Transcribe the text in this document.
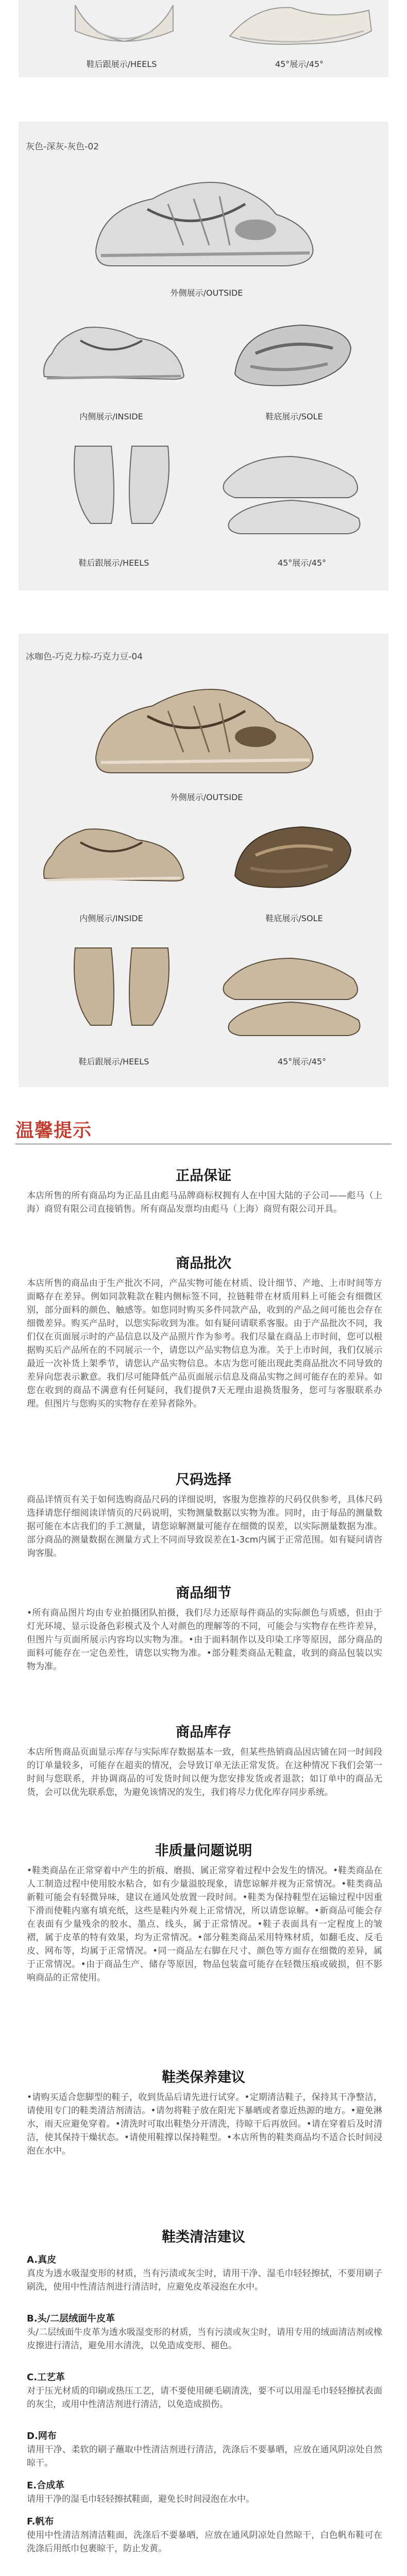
鞋后跟展示/HEELS	45°展示/45°
灰色-深灰-灰色-02
外侧展示/OUTSIDE
内侧展示/INSIDE	鞋底展示/SOLE
鞋后跟展示/HEELS	45°展示/45°
冰咖色-巧克力棕-巧克力豆-04
外侧展示/OUTSIDE
内侧展示/INSIDE	鞋底展示/SOLE
鞋后跟展示/HEELS	45°展示/45°
温馨提示
正品保证
本店所售的所有商品均为正品且由彪马品牌商标权拥有人在中国大陆的子公司——彪马（上海）商贸有限公司直接销售。所有商品发票均由彪马（上海）商贸有限公司开具。
商品批次
本店所售的商品由于生产批次不同，产品实物可能在材质、设计细节、产地、上市时间等方面略存在差异。例如同款鞋款在鞋内侧标签不同，拉链鞋带在材质用料上可能会有细微区别，部分面料的颜色、触感等。如您同时购买多件同款产品，收到的产品之间可能也会存在细微差异。购买产品时，以您实际收到为准。如有疑问请联系客服。由于产品批次不同，我们仅在页面展示时的产品信息以及产品照片作为参考。我们尽量在商品上市时间，您可以根据购买后产品所在的不同展示一个，请您以产品实物信息为准。关于上市时间，我们仅展示最近一次补货上架季节，请您认产品实物信息。本店为您可能出现此类商品批次不同导致的差异向您表示歉意。我们尽可能降低产品页面展示信息及商品实物之间可能存在的差异。如您在收到的商品不满意有任何疑问，我们提供7天无理由退换货服务，您可与客服联系办理。但图片与您购买的实物存在差异者除外。
尺码选择
商品详情页有关于如何选购商品尺码的详细说明，客服为您推荐的尺码仅供参考，具体尺码选择请您仔细阅读详情页的尺码说明，实物测量数据以实物为准。同时，由于每品的测量数据可能在本店我们的手工测量，请您谅解测量可能存在细微的误差，以实际测量数据为准。部分商品的测量数据在测量方式上不同而导致误差在1-3cm内属于正常范围。如有疑问请咨询客服。
商品细节
•所有商品图片均由专业拍摄团队拍摄，我们尽力还原每件商品的实际颜色与质感，但由于灯光环境、显示设备色彩模式及个人对颜色的理解等的不同，可能会与实物存在些许差异，但图片与页面所展示内容均以实物为准。•由于面料制作以及印染工序等原因，部分商品的面料可能存在一定色差性，请您以实物为准。•部分鞋类商品无鞋盒，收到的商品包装以实物为准。
商品库存
本店所售商品页面显示库存与实际库存数据基本一致，但某些热销商品因店铺在同一时间段的订单量较多，可能存在超卖的情况，会导致订单无法正常发货。在这种情况下我们会第一时间与您联系，并协调商品的可发货时间以便为您安排发货或者退款；如订单中的商品无货，会可以优先联系您，为避免该情况的发生，我们将尽力优化库存同步系统。
非质量问题说明
•鞋类商品在正常穿着中产生的折痕、磨损、属正常穿着过程中会发生的情况。•鞋类商品在人工制造过程中使用胶水粘合，如有少量溢胶现象，请您谅解并视为正常情况。•鞋类商品新鞋可能会有轻微异味，建议在通风处放置一段时间。•鞋类为保持鞋型在运输过程中因重下滑而使鞋内塞有填充纸，这些是鞋内外观上正常情况，所以请您谅解。•新商品可能会存在表面有少量残余的胶水、墨点、线头，属于正常情况。•鞋子表面具有一定程度上的皱褶，属于皮革的特有效果，均为正常情况。•部分鞋类商品采用特殊材质，如翻毛皮、反毛皮、网布等，均属于正常情况。•同一商品左右脚在尺寸、颜色等方面存在细微的差异，属于正常情况。•由于商品生产、储存等原因，物品包装盒可能存在轻微压痕或破损，但不影响商品的正常使用。
鞋类保养建议
•请购买适合您脚型的鞋子，收到货品后请先进行试穿。•定期清洁鞋子，保持其干净整洁，请使用专门的鞋类清洁剂清洁。•请勿将鞋子放在阳光下暴晒或者靠近热源的地方。•避免淋水，雨天应避免穿着。•清洗时可取出鞋垫分开清洗，待晾干后再放回。•请在穿着后及时清洁，使其保持干燥状态。•请使用鞋撑以保持鞋型。•本店所售的鞋类商品均不适合长时间浸泡在水中。
鞋类清洁建议
A.真皮
真皮为透水吸湿变形的材质，当有污渍或灰尘时，请用干净、湿毛巾轻轻擦拭，不要用刷子刷洗，使用中性清洁剂进行清洁时，应避免皮革浸泡在水中。
B.头/二层绒面牛皮革
头/二层绒面牛皮革为透水吸湿变形的材质，当有污渍或灰尘时，请用专用的绒面清洁剂或橡皮擦进行清洁，避免用水清洗，以免造成变形、褪色。
C.工艺革
对于压光材质的印刷或热压工艺，请不要使用硬毛刷清洗，要不可以用湿毛巾轻轻擦拭表面的灰尘，或用中性清洁剂进行清洁，以免造成损伤。
D.网布
请用干净、柔软的刷子蘸取中性清洁剂进行清洁，洗涤后不要暴晒，应放在通风阴凉处自然晾干。
E.合成革
请用干净的湿毛巾轻轻擦拭鞋面，避免长时间浸泡在水中。
F.帆布
使用中性清洁剂清洁鞋面，洗涤后不要暴晒，应放在通风阴凉处自然晾干，白色帆布鞋可在洗涤后用纸巾包裹晾干，防止发黄。
